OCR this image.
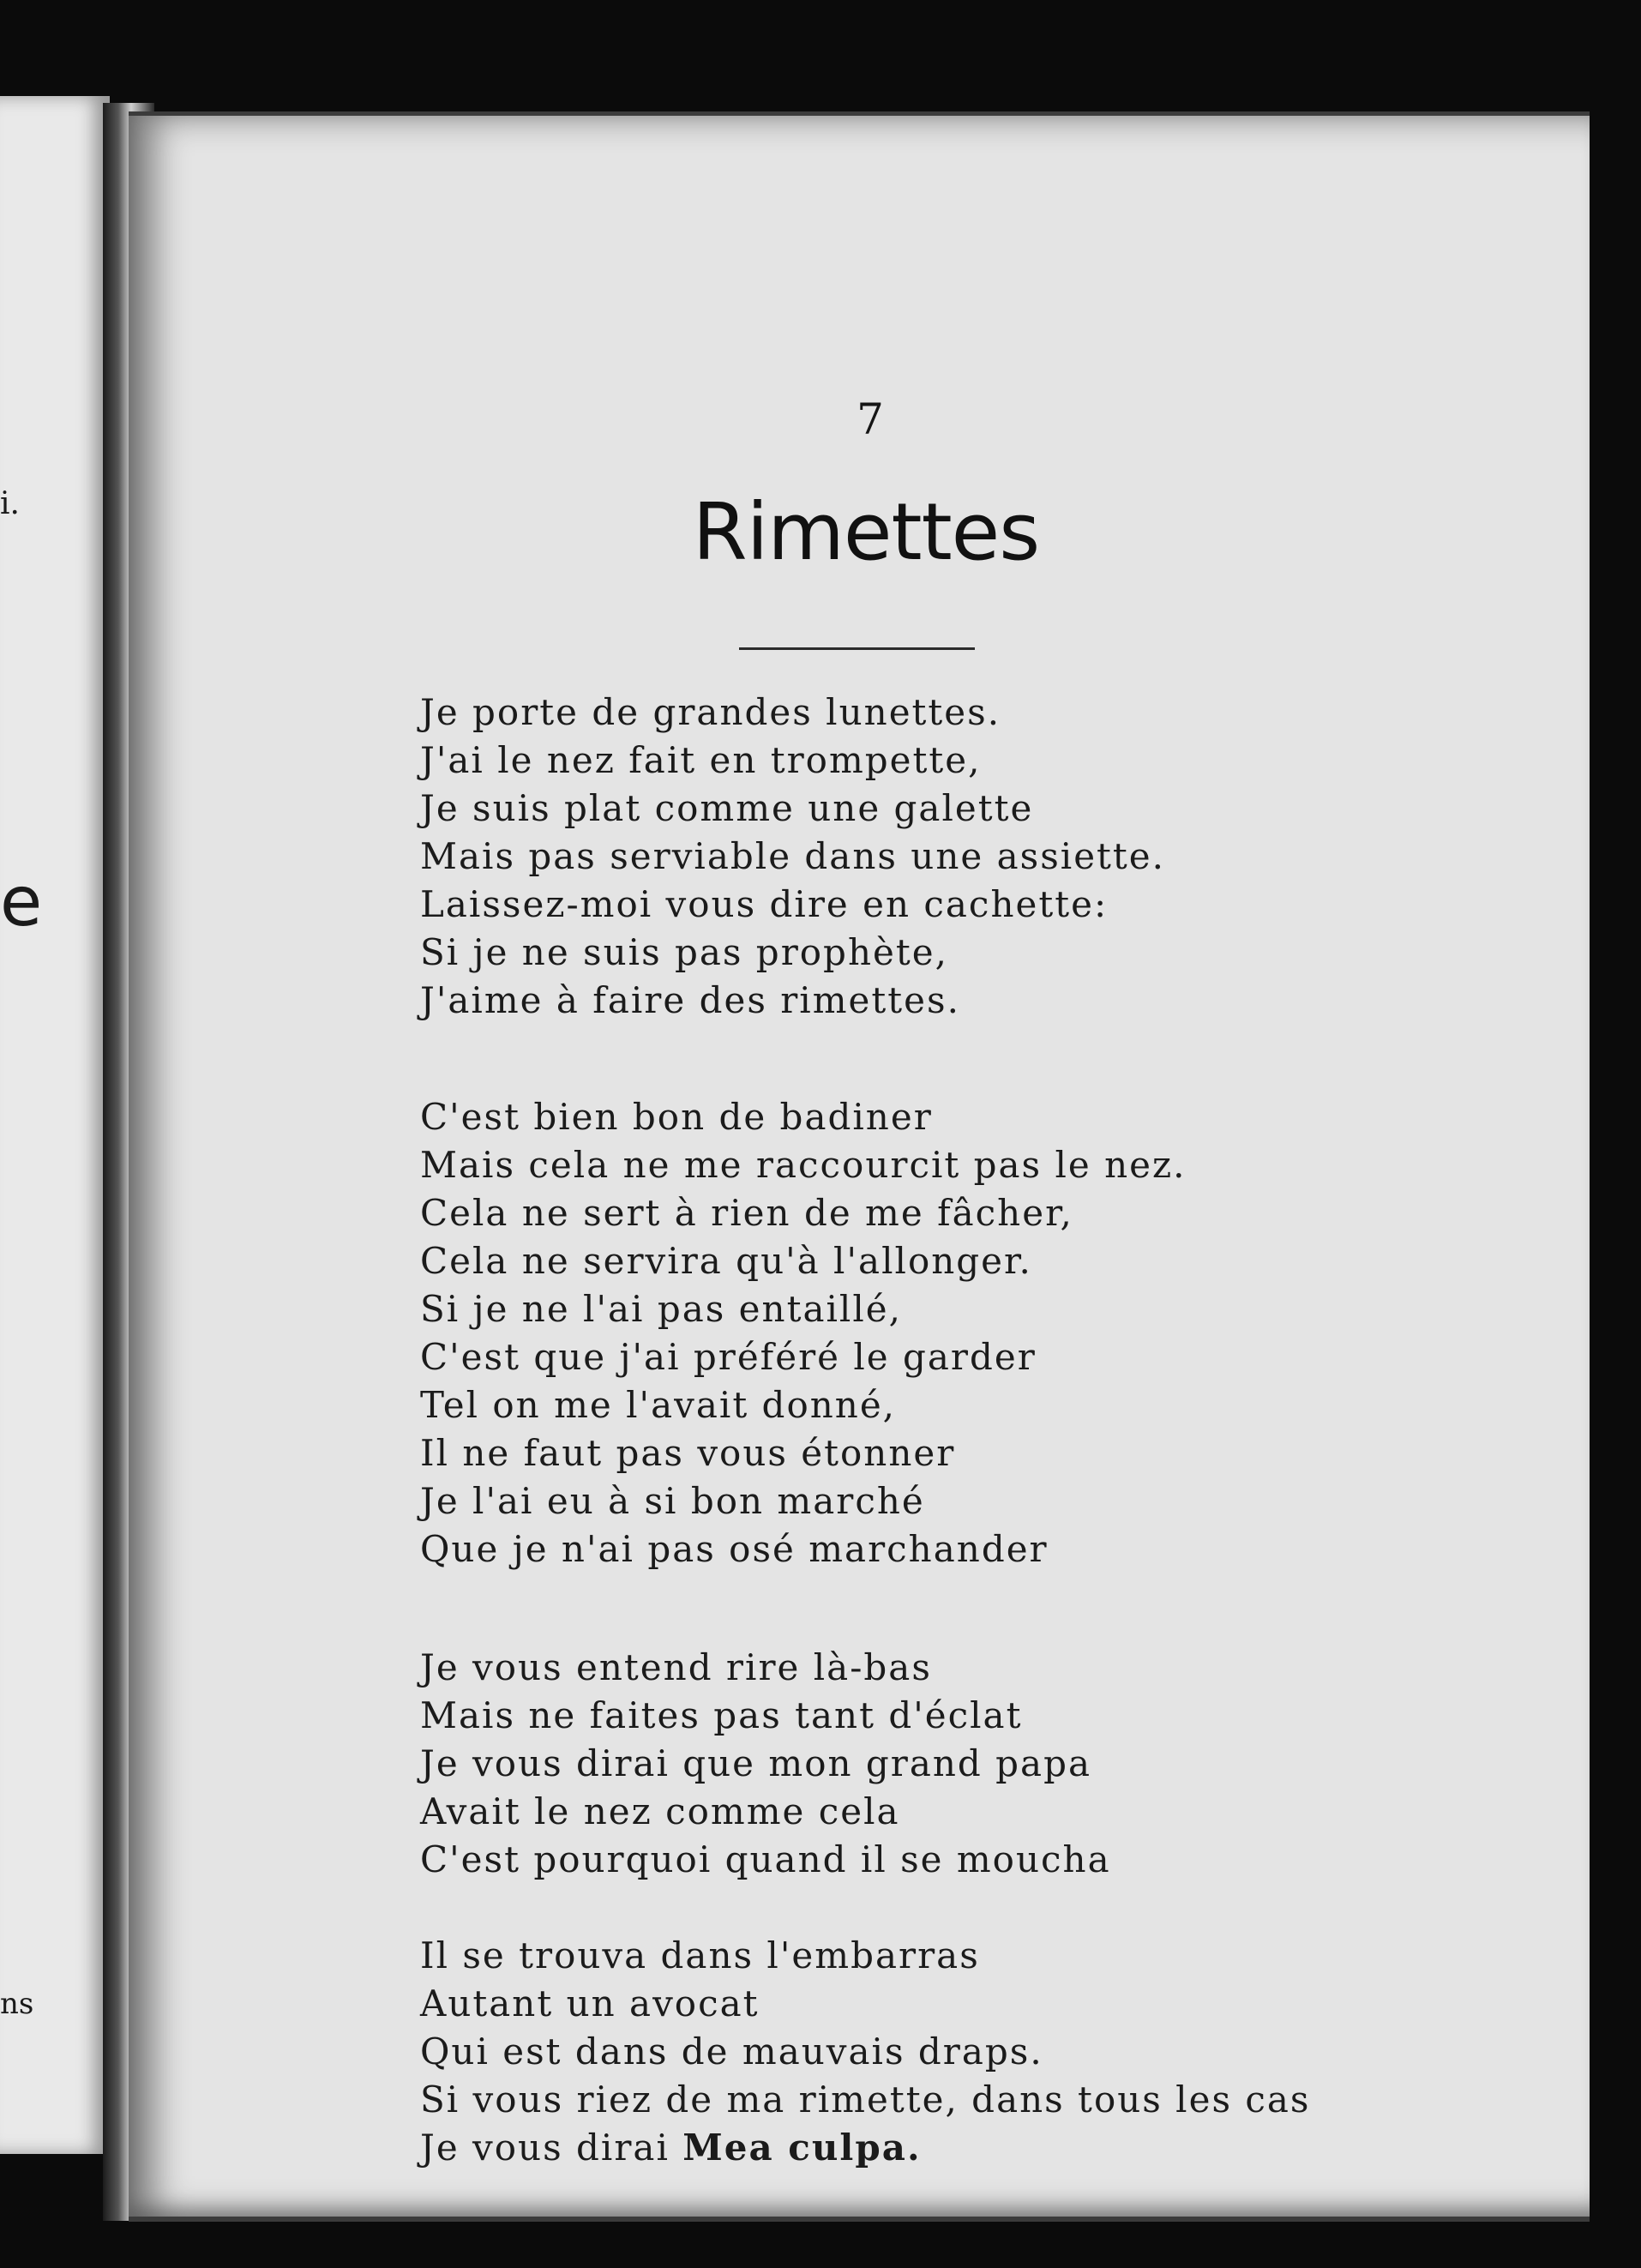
i.
e
ns
7
Rimettes
Je porte de grandes lunettes.
J'ai le nez fait en trompette,
Je suis plat comme une galette
Mais pas serviable dans une assiette.
Laissez-moi vous dire en cachette:
Si je ne suis pas prophète,
J'aime à faire des rimettes.
C'est bien bon de badiner
Mais cela ne me raccourcit pas le nez.
Cela ne sert à rien de me fâcher,
Cela ne servira qu'à l'allonger.
Si je ne l'ai pas entaillé,
C'est que j'ai préféré le garder
Tel on me l'avait donné,
Il ne faut pas vous étonner
Je l'ai eu à si bon marché
Que je n'ai pas osé marchander
Je vous entend rire là-bas
Mais ne faites pas tant d'éclat
Je vous dirai que mon grand papa
Avait le nez comme cela
C'est pourquoi quand il se moucha
Il se trouva dans l'embarras
Autant un avocat
Qui est dans de mauvais draps.
Si vous riez de ma rimette, dans tous les cas
Je vous dirai Mea culpa.
